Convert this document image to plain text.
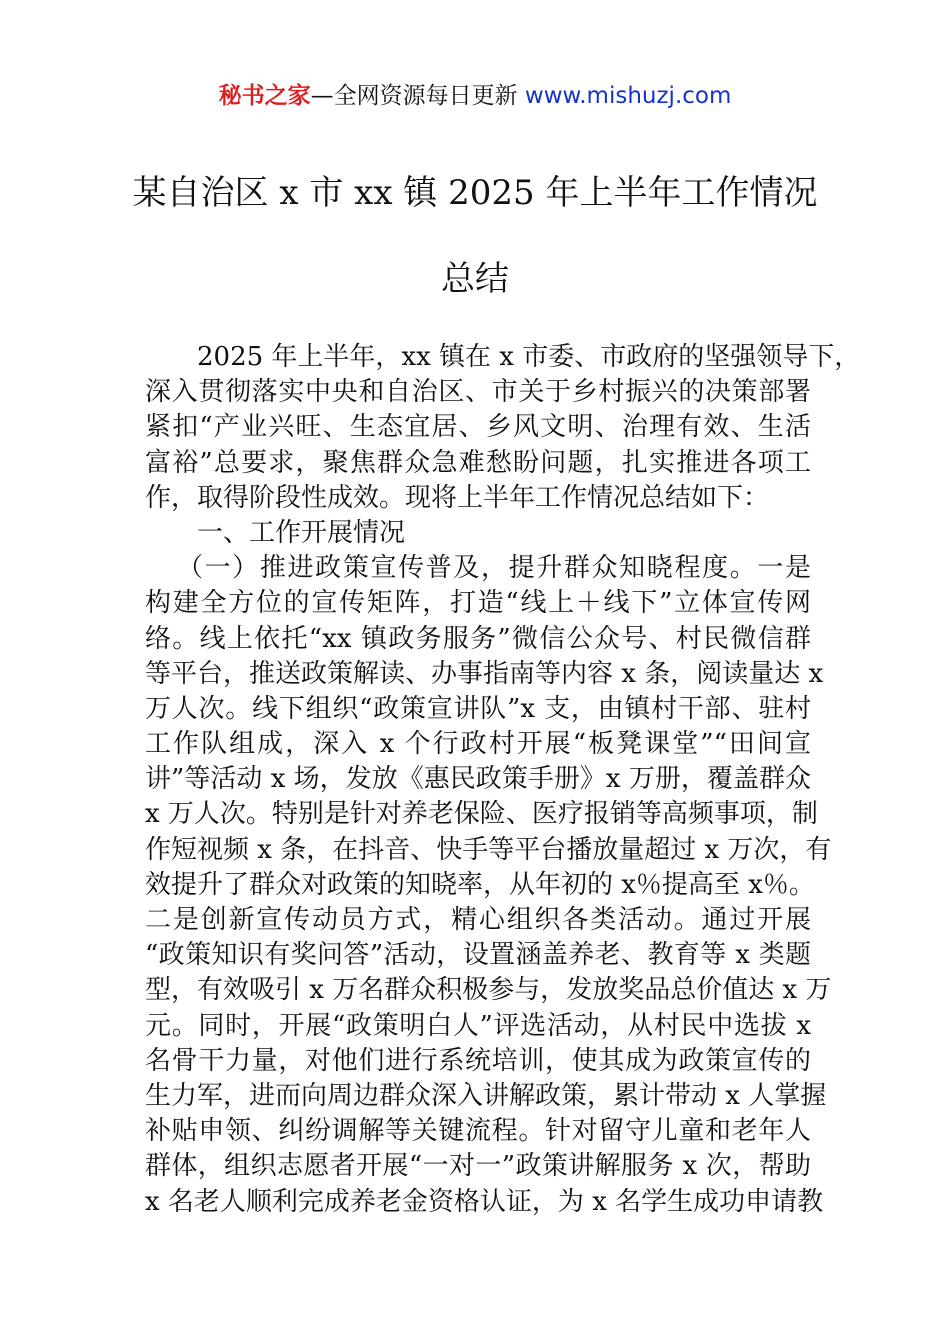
秘书之家—全网资源每日更新 www.mishuzj.com
某自治区 x 市 xx 镇 2025 年上半年工作情况
总结
2025 年上半年，xx 镇在 x 市委、市政府的坚强领导下，
深入贯彻落实中央和自治区、市关于乡村振兴的决策部署
紧扣“产业兴旺、生态宜居、乡风文明、治理有效、生活
富裕”总要求，聚焦群众急难愁盼问题，扎实推进各项工
作，取得阶段性成效。现将上半年工作情况总结如下：
一、工作开展情况
（一）推进政策宣传普及，提升群众知晓程度。一是
构建全方位的宣传矩阵，打造“线上＋线下”立体宣传网
络。线上依托“xx 镇政务服务”微信公众号、村民微信群
等平台，推送政策解读、办事指南等内容 x 条，阅读量达 x
万人次。线下组织“政策宣讲队”x 支，由镇村干部、驻村
工作队组成，深入 x 个行政村开展“板凳课堂”“田间宣
讲”等活动 x 场，发放《惠民政策手册》x 万册，覆盖群众
x 万人次。特别是针对养老保险、医疗报销等高频事项，制
作短视频 x 条，在抖音、快手等平台播放量超过 x 万次，有
效提升了群众对政策的知晓率，从年初的 x％提高至 x％。
二是创新宣传动员方式，精心组织各类活动。通过开展
“政策知识有奖问答”活动，设置涵盖养老、教育等 x 类题
型，有效吸引 x 万名群众积极参与，发放奖品总价值达 x 万
元。同时，开展“政策明白人”评选活动，从村民中选拔 x
名骨干力量，对他们进行系统培训，使其成为政策宣传的
生力军，进而向周边群众深入讲解政策，累计带动 x 人掌握
补贴申领、纠纷调解等关键流程。针对留守儿童和老年人
群体，组织志愿者开展“一对一”政策讲解服务 x 次，帮助
x 名老人顺利完成养老金资格认证，为 x 名学生成功申请教
